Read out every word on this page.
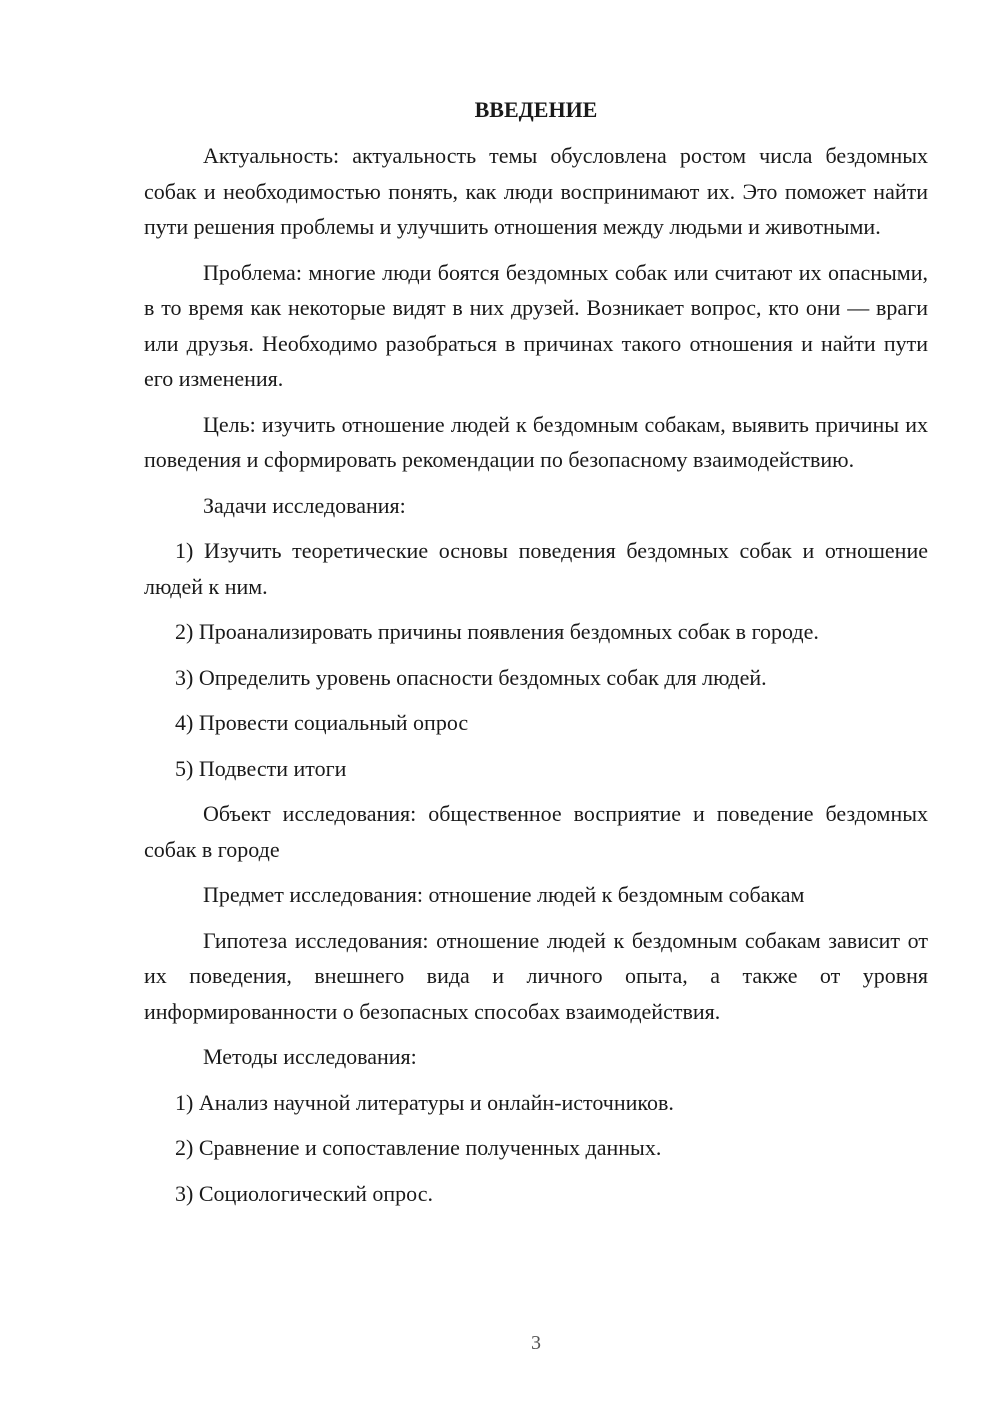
ВВЕДЕНИЕ

Актуальность: актуальность темы обусловлена ростом числа бездомных собак и необходимостью понять, как люди воспринимают их. Это поможет найти пути решения проблемы и улучшить отношения между людьми и животными.

Проблема: многие люди боятся бездомных собак или считают их опасными, в то время как некоторые видят в них друзей. Возникает вопрос, кто они — враги или друзья. Необходимо разобраться в причинах такого отношения и найти пути его изменения.

Цель: изучить отношение людей к бездомным собакам, выявить причины их поведения и сформировать рекомендации по безопасному взаимодействию.

Задачи исследования:

1) Изучить теоретические основы поведения бездомных собак и отношение людей к ним.

2) Проанализировать причины появления бездомных собак в городе.

3) Определить уровень опасности бездомных собак для людей.

4) Провести социальный опрос

5) Подвести итоги

Объект исследования: общественное восприятие и поведение бездомных собак в городе

Предмет исследования: отношение людей к бездомным собакам

Гипотеза исследования: отношение людей к бездомным собакам зависит от их поведения, внешнего вида и личного опыта, а также от уровня информированности о безопасных способах взаимодействия.

Методы исследования:

1) Анализ научной литературы и онлайн-источников.

2) Сравнение и сопоставление полученных данных.

3) Социологический опрос.

3
